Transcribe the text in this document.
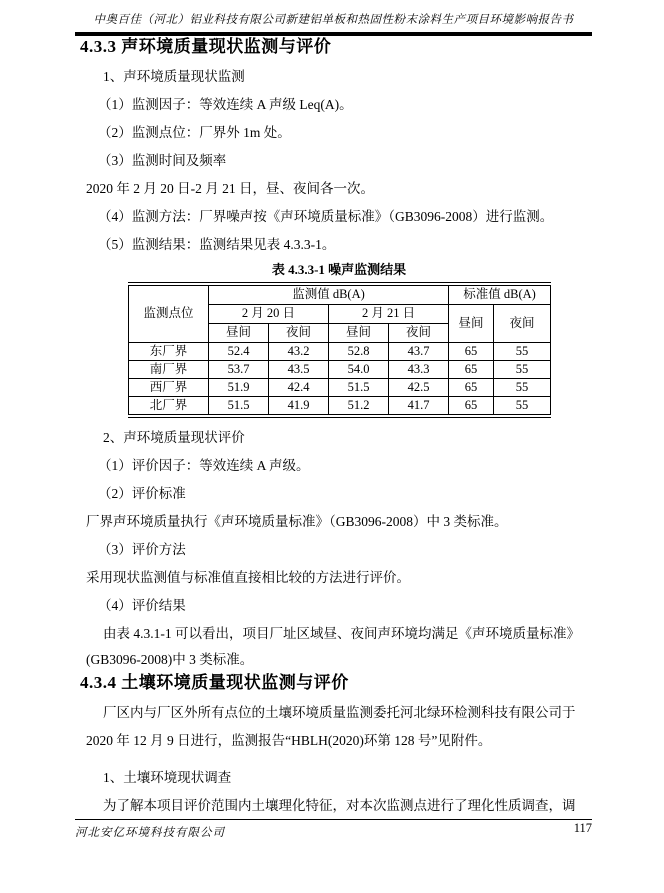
中奥百佳（河北）铝业科技有限公司新建铝单板和热固性粉末涂料生产项目环境影响报告书
4.3.3 声环境质量现状监测与评价
1、声环境质量现状监测
（1）监测因子：等效连续 A 声级 Leq(A)。
（2）监测点位：厂界外 1m 处。
（3）监测时间及频率
2020 年 2 月 20 日-2 月 21 日，昼、夜间各一次。
（4）监测方法：厂界噪声按《声环境质量标准》（GB3096-2008）进行监测。
（5）监测结果：监测结果见表 4.3.3-1。
表 4.3.3-1 噪声监测结果
监测点位	监测值 dB(A)				标准值 dB(A)	
	2 月 20 日		2 月 21 日		昼间	夜间
	昼间	夜间	昼间	夜间		
东厂界	52.4	43.2	52.8	43.7	65	55
南厂界	53.7	43.5	54.0	43.3	65	55
西厂界	51.9	42.4	51.5	42.5	65	55
北厂界	51.5	41.9	51.2	41.7	65	55
2、声环境质量现状评价
（1）评价因子：等效连续 A 声级。
（2）评价标准
厂界声环境质量执行《声环境质量标准》（GB3096-2008）中 3 类标准。
（3）评价方法
采用现状监测值与标准值直接相比较的方法进行评价。
（4）评价结果
由表 4.3.1-1 可以看出，项目厂址区域昼、夜间声环境均满足《声环境质量标准》
(GB3096-2008)中 3 类标准。
4.3.4 土壤环境质量现状监测与评价
厂区内与厂区外所有点位的土壤环境质量监测委托河北绿环检测科技有限公司于
2020 年 12 月 9 日进行，监测报告“HBLH(2020)环第 128 号”见附件。
1、土壤环境现状调查
为了解本项目评价范围内土壤理化特征，对本次监测点进行了理化性质调查，调
河北安亿环境科技有限公司	117
